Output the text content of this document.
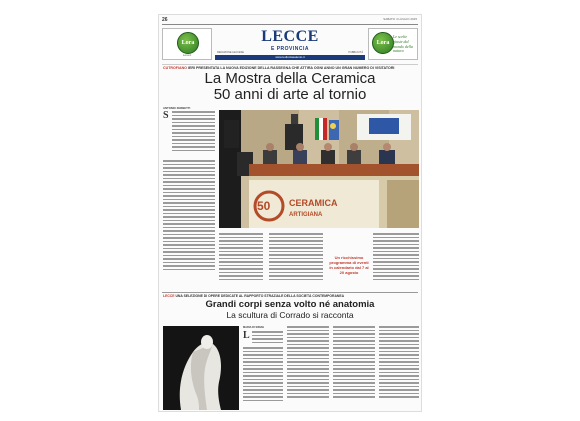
26	SABATO 4 LUGLIO 2015
Lora
Lora.it
LECCE
E PROVINCIA
REDAZIONE LECCESE	PUBBLICITÀ
www.ledicolasalento.it
Lora
Le scelte giuste dal mondo della natura
CUTROFIANO IERI PRESENTATA LA NUOVA EDIZIONE DELLA RASSEGNA CHE ATTIRA OGNI ANNO UN GRAN NUMERO DI VISITATORI
La Mostra della Ceramica
50 anni di arte al tornio
ANTONIO ZERBETTI
S
50 CERAMICA
ARTIGIANA
Un ricchissimo programma di eventi in calendario dal 7 al 20 agosto
LECCE UNA SELEZIONE DI OPERE DEDICATE AL RAPPORTO STRAZIALE DELLA SOCIETÀ CONTEMPORANEA
Grandi corpi senza volto né anatomia
La scultura di Corrado si racconta
MARIA DI SIRIAE
L
